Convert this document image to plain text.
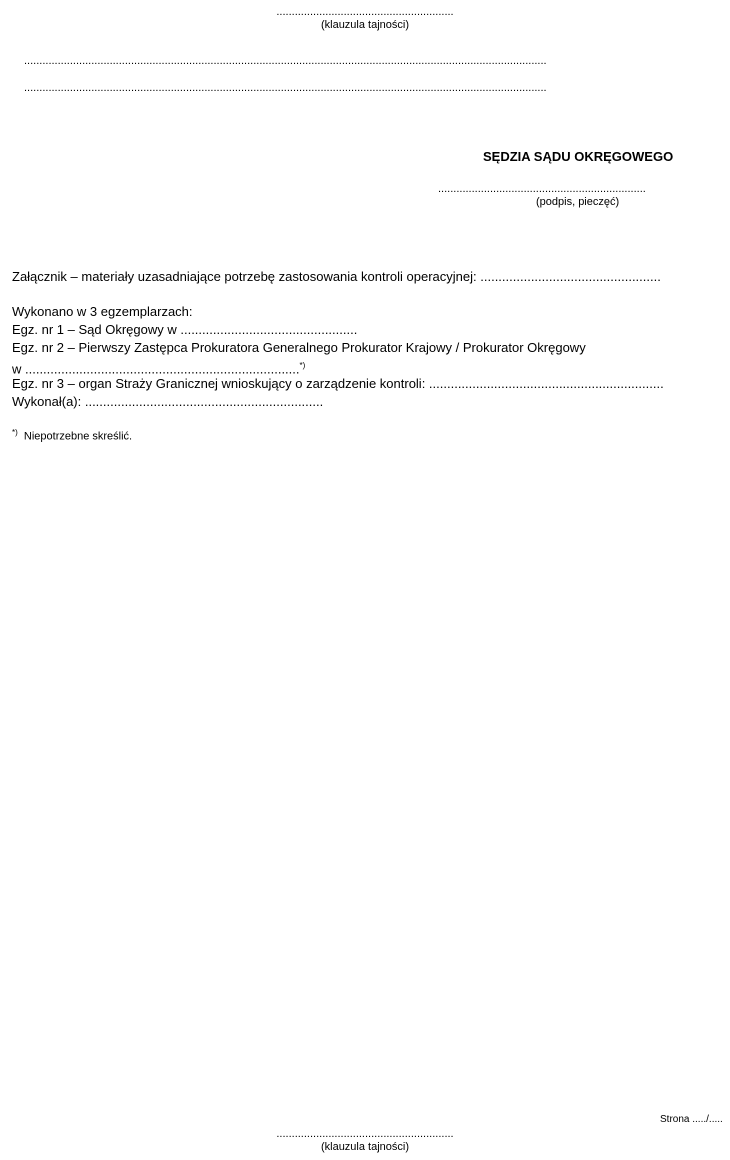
..........................................................
(klauzula tajności)
...........................................................................................................................................................................
...........................................................................................................................................................................
SĘDZIA SĄDU OKRĘGOWEGO
....................................................................
(podpis, pieczęć)
Załącznik – materiały uzasadniające potrzebę zastosowania kontroli operacyjnej: ..................................................
Wykonano w 3 egzemplarzach:
Egz. nr 1 – Sąd Okręgowy w .................................................
Egz. nr 2 – Pierwszy Zastępca Prokuratora Generalnego Prokurator Krajowy / Prokurator Okręgowy
w ............................................................................*)
Egz. nr 3 – organ Straży Granicznej wnioskujący o zarządzenie kontroli: .................................................................
Wykonał(a): ..................................................................
*) Niepotrzebne skreślić.
Strona ...../.....
..........................................................
(klauzula tajności)
